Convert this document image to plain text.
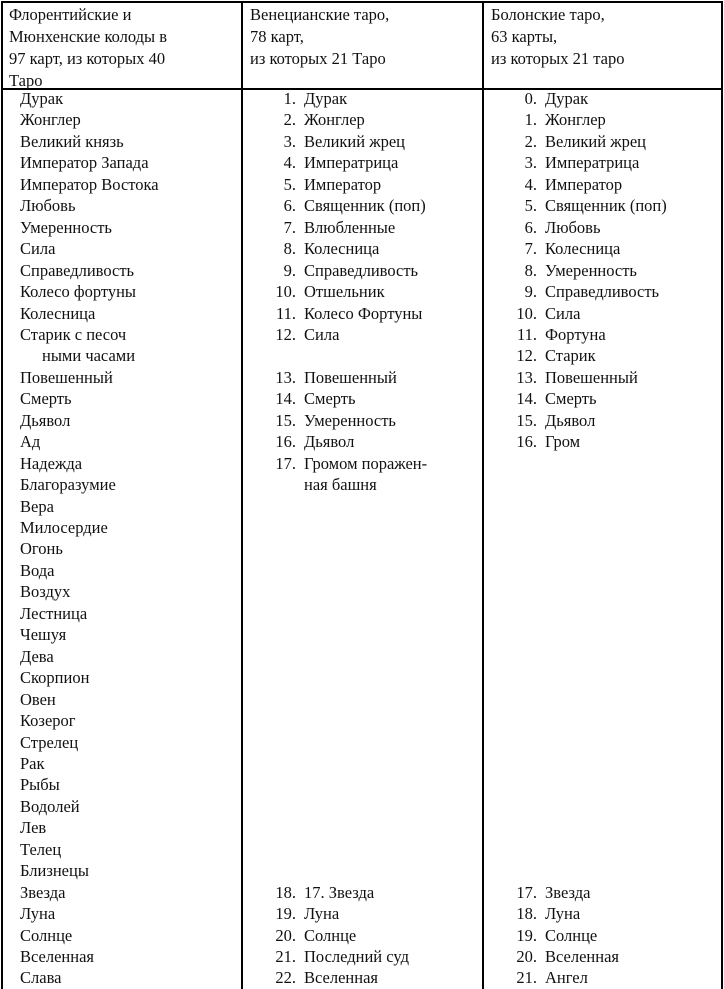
Флорентийские и
Мюнхенские колоды в
97 карт, из которых 40
Таро
Венецианские таро,
78 карт,
из которых 21 Таро
Болонские таро,
63 карты,
из которых 21 таро
Дурак
Жонглер
Великий князь
Император Запада
Император Востока
Любовь
Умеренность
Сила
Справедливость
Колесо фортуны
Колесница
Старик с песоч
ными часами
Повешенный
Смерть
Дьявол
Ад
Надежда
Благоразумие
Вера
Милосердие
Огонь
Вода
Воздух
Лестница
Чешуя
Дева
Скорпион
Овен
Козерог
Стрелец
Рак
Рыбы
Водолей
Лев
Телец
Близнецы
Звезда
Луна
Солнце
Вселенная
Слава
1. Дурак
2. Жонглер
3. Великий жрец
4. Императрица
5. Император
6. Священник (поп)
7. Влюбленные
8. Колесница
9. Справедливость
10. Отшельник
11. Колесо Фортуны
12. Сила
13. Повешенный
14. Смерть
15. Умеренность
16. Дьявол
17. Громом поражен-
ная башня
18. 17. Звезда
19. Луна
20. Солнце
21. Последний суд
22. Вселенная
0. Дурак
1. Жонглер
2. Великий жрец
3. Императрица
4. Император
5. Священник (поп)
6. Любовь
7. Колесница
8. Умеренность
9. Справедливость
10. Сила
11. Фортуна
12. Старик
13. Повешенный
14. Смерть
15. Дьявол
16. Гром
17. Звезда
18. Луна
19. Солнце
20. Вселенная
21. Ангел
